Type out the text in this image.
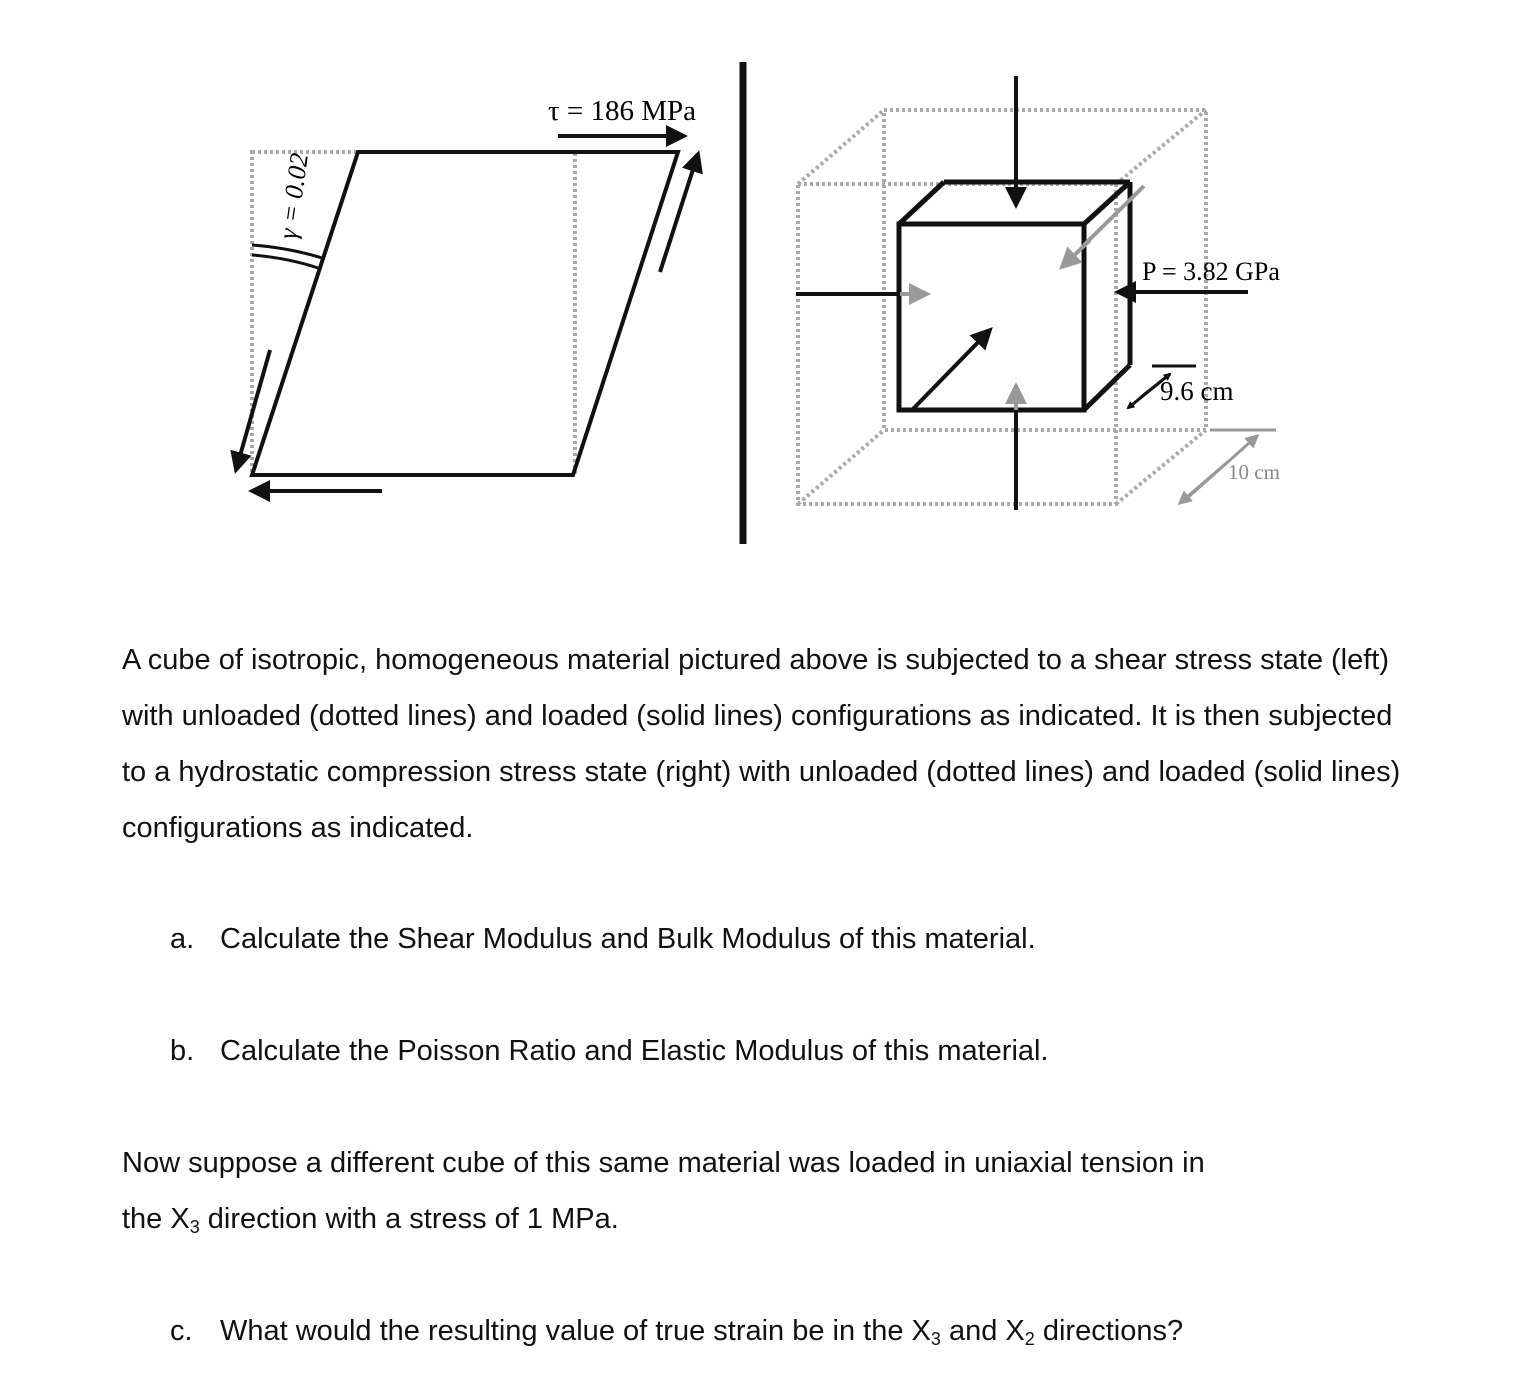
τ = 186 MPa
γ = 0.02
P = 3.82 GPa
9.6 cm
10 cm

A cube of isotropic, homogeneous material pictured above is subjected to a shear stress state (left) with unloaded (dotted lines) and loaded (solid lines) configurations as indicated. It is then subjected to a hydrostatic compression stress state (right) with unloaded (dotted lines) and loaded (solid lines) configurations as indicated.

a. Calculate the Shear Modulus and Bulk Modulus of this material.

b. Calculate the Poisson Ratio and Elastic Modulus of this material.

Now suppose a different cube of this same material was loaded in uniaxial tension in
the $X_3$ direction with a stress of 1 MPa.

c. What would the resulting value of true strain be in the $X_3$ and $X_2$ directions?
